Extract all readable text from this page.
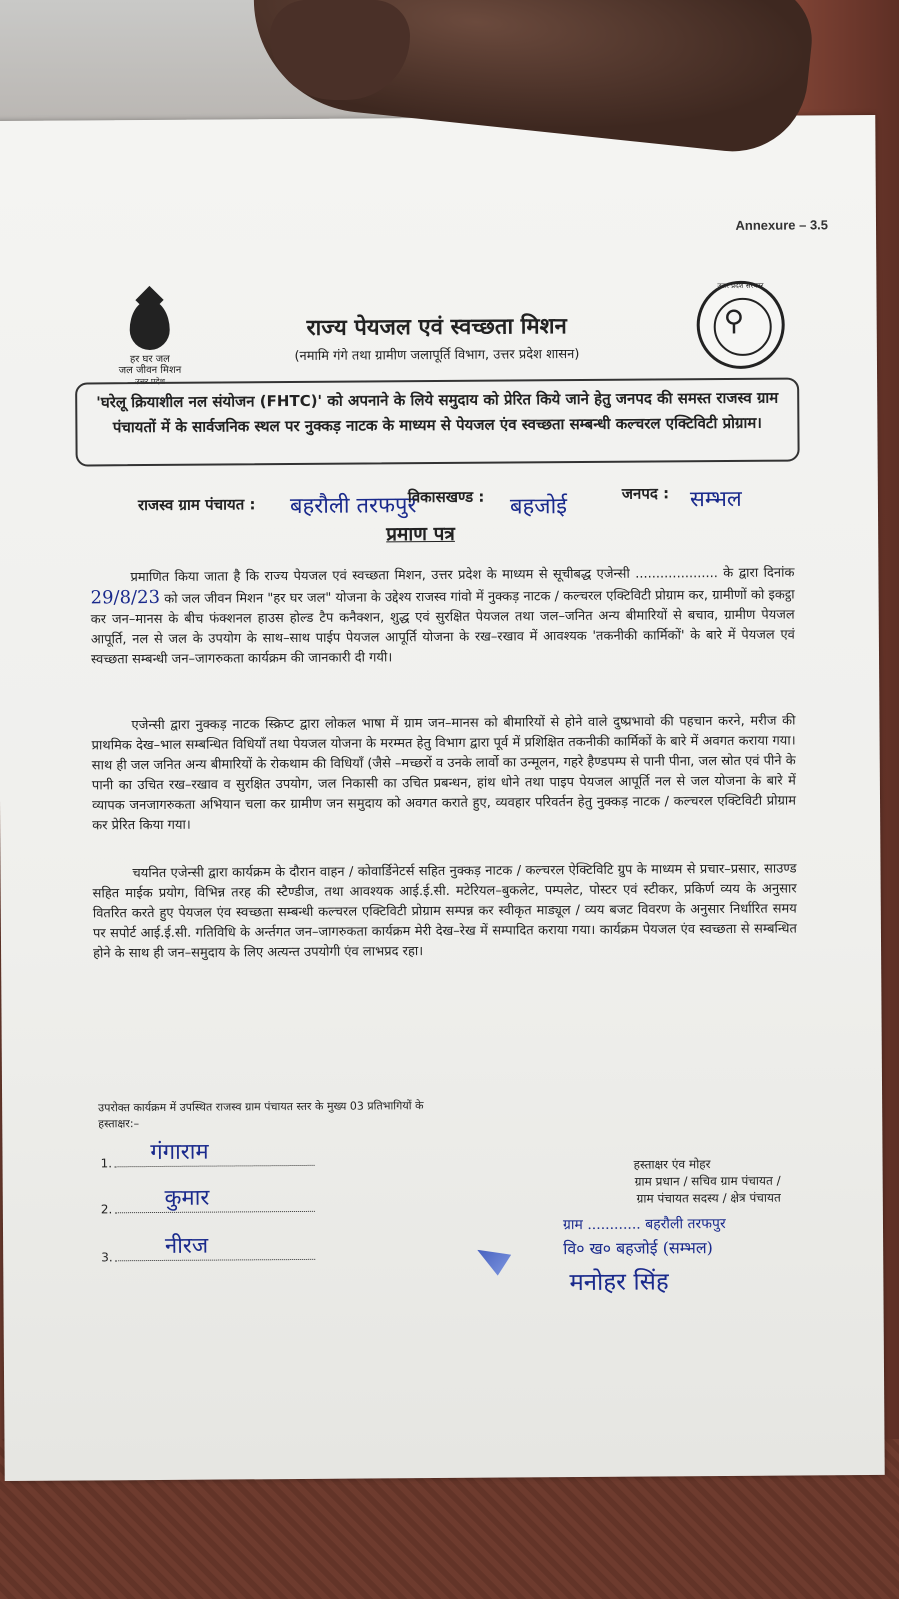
Annexure – 3.5
हर घर जल
जल जीवन मिशन
उत्तर प्रदेश
⚲
उत्तर प्रदेश सरकार
राज्य पेयजल एवं स्वच्छता मिशन
(नमामि गंगे तथा ग्रामीण जलापूर्ति विभाग, उत्तर प्रदेश शासन)
'घरेलू क्रियाशील नल संयोजन (FHTC)' को अपनाने के लिये समुदाय को प्रेरित किये जाने हेतु जनपद की समस्त राजस्व ग्राम पंचायतों में के सार्वजनिक स्थल पर नुक्कड़ नाटक के माध्यम से पेयजल एंव स्वच्छता सम्बन्धी कल्चरल एक्टिविटी प्रोग्राम।
राजस्व ग्राम पंचायत : बहरौली तरफपुर
विकासखण्ड : बहजोई
जनपद : सम्भल
प्रमाण पत्र

प्रमाणित किया जाता है कि राज्य पेयजल एवं स्वच्छता मिशन, उत्तर प्रदेश के माध्यम से सूचीबद्ध एजेन्सी .................... के द्वारा दिनांक 29/8/23 को जल जीवन मिशन "हर घर जल" योजना के उद्देश्य राजस्व गांवो में नुक्कड़ नाटक / कल्चरल एक्टिविटी प्रोग्राम कर, ग्रामीणों को इकट्ठा कर जन–मानस के बीच फंक्शनल हाउस होल्ड टैप कनैक्शन, शुद्ध एवं सुरक्षित पेयजल तथा जल–जनित अन्य बीमारियों से बचाव, ग्रामीण पेयजल आपूर्ति, नल से जल के उपयोग के साथ–साथ पाईप पेयजल आपूर्ति योजना के रख–रखाव में आवश्यक 'तकनीकी कार्मिकों' के बारे में पेयजल एवं स्वच्छता सम्बन्धी जन–जागरुकता कार्यक्रम की जानकारी दी गयी।

एजेन्सी द्वारा नुक्कड़ नाटक स्क्रिप्ट द्वारा लोकल भाषा में ग्राम जन–मानस को बीमारियों से होने वाले दुष्प्रभावो की पहचान करने, मरीज की प्राथमिक देख–भाल सम्बन्धित विधियाँ तथा पेयजल योजना के मरम्मत हेतु विभाग द्वारा पूर्व में प्रशिक्षित तकनीकी कार्मिकों के बारे में अवगत कराया गया। साथ ही जल जनित अन्य बीमारियों के रोकथाम की विधियाँ (जैसे –मच्छरों व उनके लार्वो का उन्मूलन, गहरे हैण्डपम्प से पानी पीना, जल स्रोत एवं पीने के पानी का उचित रख–रखाव व सुरक्षित उपयोग, जल निकासी का उचित प्रबन्धन, हांथ धोने तथा पाइप पेयजल आपूर्ति नल से जल योजना के बारे में व्यापक जनजागरुकता अभियान चला कर ग्रामीण जन समुदाय को अवगत कराते हुए, व्यवहार परिवर्तन हेतु नुक्कड़ नाटक / कल्चरल एक्टिविटी प्रोग्राम कर प्रेरित किया गया।

चयनित एजेन्सी द्वारा कार्यक्रम के दौरान वाहन / कोवार्डिनेटर्स सहित नुक्कड़ नाटक / कल्चरल ऐक्टिविटि ग्रुप के माध्यम से प्रचार–प्रसार, साउण्ड सहित माईक प्रयोग, विभिन्न तरह की स्टैण्डीज, तथा आवश्यक आई.ई.सी. मटेरियल–बुकलेट, पम्पलेट, पोस्टर एवं स्टीकर, प्रकिर्ण व्यय के अनुसार वितरित करते हुए पेयजल एंव स्वच्छता सम्बन्धी कल्चरल एक्टिविटी प्रोग्राम सम्पन्न कर स्वीकृत माड्यूल / व्यय बजट विवरण के अनुसार निर्धारित समय पर सपोर्ट आई.ई.सी. गतिविधि के अर्न्तगत जन–जागरुकता कार्यक्रम मेरी देख–रेख में सम्पादित कराया गया। कार्यक्रम पेयजल एंव स्वच्छता से सम्बन्धित होने के साथ ही जन–समुदाय के लिए अत्यन्त उपयोगी एंव लाभप्रद रहा।

उपरोक्त कार्यक्रम में उपस्थित राजस्व ग्राम पंचायत स्तर के मुख्य 03 प्रतिभागियों के
हस्ताक्षर:–
1. गंगाराम
2. कुमार
3. नीरज
हस्ताक्षर एंव मोहर
ग्राम प्रधान / सचिव ग्राम पंचायत /
ग्राम पंचायत सदस्य / क्षेत्र पंचायत
ग्राम ............ बहरौली तरफपुर
वि० ख० बहजोई (सम्भल)
मनोहर सिंह
